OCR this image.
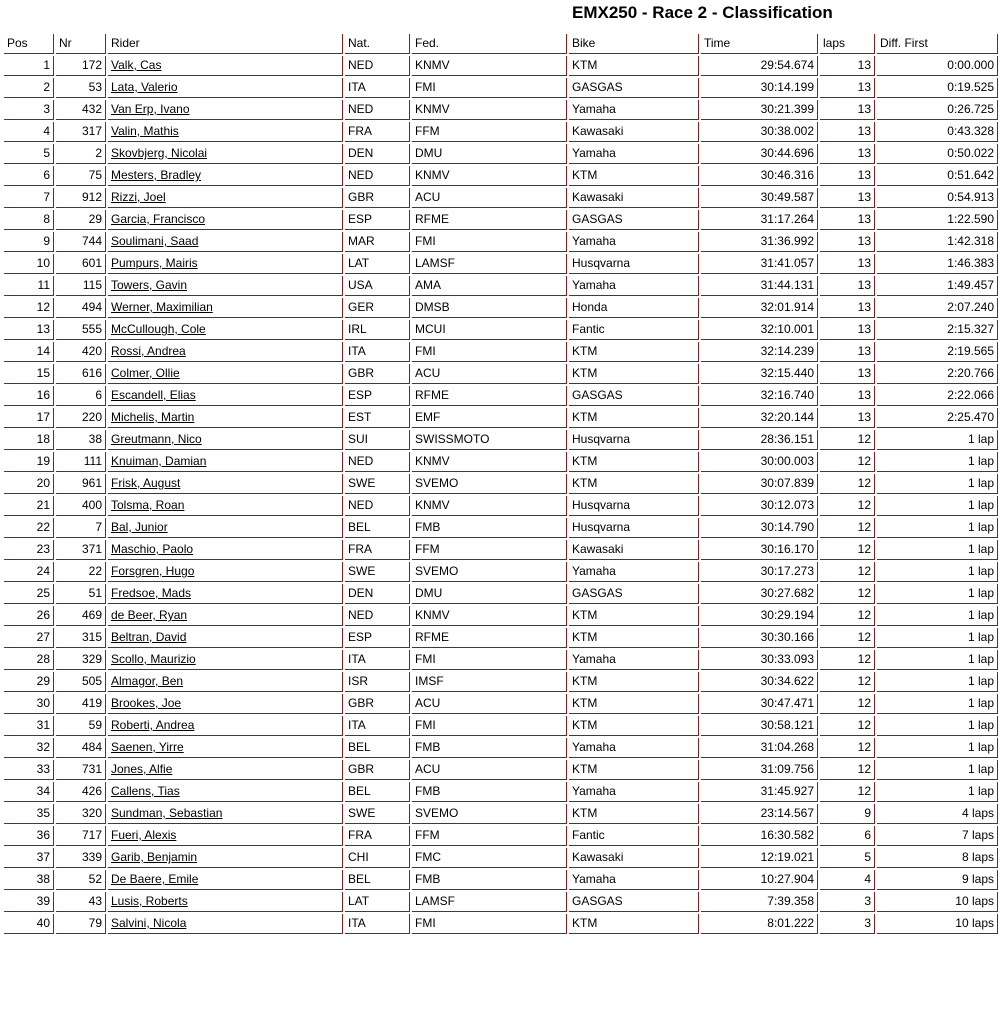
EMX250 - Race 2 - Classification
Pos	Nr	Rider	Nat.	Fed.	Bike	Time	laps	Diff. First
1	172	Valk, Cas	NED	KNMV	KTM	29:54.674	13	0:00.000
2	53	Lata, Valerio	ITA	FMI	GASGAS	30:14.199	13	0:19.525
3	432	Van Erp, Ivano	NED	KNMV	Yamaha	30:21.399	13	0:26.725
4	317	Valin, Mathis	FRA	FFM	Kawasaki	30:38.002	13	0:43.328
5	2	Skovbjerg, Nicolai	DEN	DMU	Yamaha	30:44.696	13	0:50.022
6	75	Mesters, Bradley	NED	KNMV	KTM	30:46.316	13	0:51.642
7	912	Rizzi, Joel	GBR	ACU	Kawasaki	30:49.587	13	0:54.913
8	29	Garcia, Francisco	ESP	RFME	GASGAS	31:17.264	13	1:22.590
9	744	Soulimani, Saad	MAR	FMI	Yamaha	31:36.992	13	1:42.318
10	601	Pumpurs, Mairis	LAT	LAMSF	Husqvarna	31:41.057	13	1:46.383
11	115	Towers, Gavin	USA	AMA	Yamaha	31:44.131	13	1:49.457
12	494	Werner, Maximilian	GER	DMSB	Honda	32:01.914	13	2:07.240
13	555	McCullough, Cole	IRL	MCUI	Fantic	32:10.001	13	2:15.327
14	420	Rossi, Andrea	ITA	FMI	KTM	32:14.239	13	2:19.565
15	616	Colmer, Ollie	GBR	ACU	KTM	32:15.440	13	2:20.766
16	6	Escandell, Elias	ESP	RFME	GASGAS	32:16.740	13	2:22.066
17	220	Michelis, Martin	EST	EMF	KTM	32:20.144	13	2:25.470
18	38	Greutmann, Nico	SUI	SWISSMOTO	Husqvarna	28:36.151	12	1 lap
19	111	Knuiman, Damian	NED	KNMV	KTM	30:00.003	12	1 lap
20	961	Frisk, August	SWE	SVEMO	KTM	30:07.839	12	1 lap
21	400	Tolsma, Roan	NED	KNMV	Husqvarna	30:12.073	12	1 lap
22	7	Bal, Junior	BEL	FMB	Husqvarna	30:14.790	12	1 lap
23	371	Maschio, Paolo	FRA	FFM	Kawasaki	30:16.170	12	1 lap
24	22	Forsgren, Hugo	SWE	SVEMO	Yamaha	30:17.273	12	1 lap
25	51	Fredsoe, Mads	DEN	DMU	GASGAS	30:27.682	12	1 lap
26	469	de Beer, Ryan	NED	KNMV	KTM	30:29.194	12	1 lap
27	315	Beltran, David	ESP	RFME	KTM	30:30.166	12	1 lap
28	329	Scollo, Maurizio	ITA	FMI	Yamaha	30:33.093	12	1 lap
29	505	Almagor, Ben	ISR	IMSF	KTM	30:34.622	12	1 lap
30	419	Brookes, Joe	GBR	ACU	KTM	30:47.471	12	1 lap
31	59	Roberti, Andrea	ITA	FMI	KTM	30:58.121	12	1 lap
32	484	Saenen, Yirre	BEL	FMB	Yamaha	31:04.268	12	1 lap
33	731	Jones, Alfie	GBR	ACU	KTM	31:09.756	12	1 lap
34	426	Callens, Tias	BEL	FMB	Yamaha	31:45.927	12	1 lap
35	320	Sundman, Sebastian	SWE	SVEMO	KTM	23:14.567	9	4 laps
36	717	Fueri, Alexis	FRA	FFM	Fantic	16:30.582	6	7 laps
37	339	Garib, Benjamin	CHI	FMC	Kawasaki	12:19.021	5	8 laps
38	52	De Baere, Emile	BEL	FMB	Yamaha	10:27.904	4	9 laps
39	43	Lusis, Roberts	LAT	LAMSF	GASGAS	7:39.358	3	10 laps
40	79	Salvini, Nicola	ITA	FMI	KTM	8:01.222	3	10 laps
